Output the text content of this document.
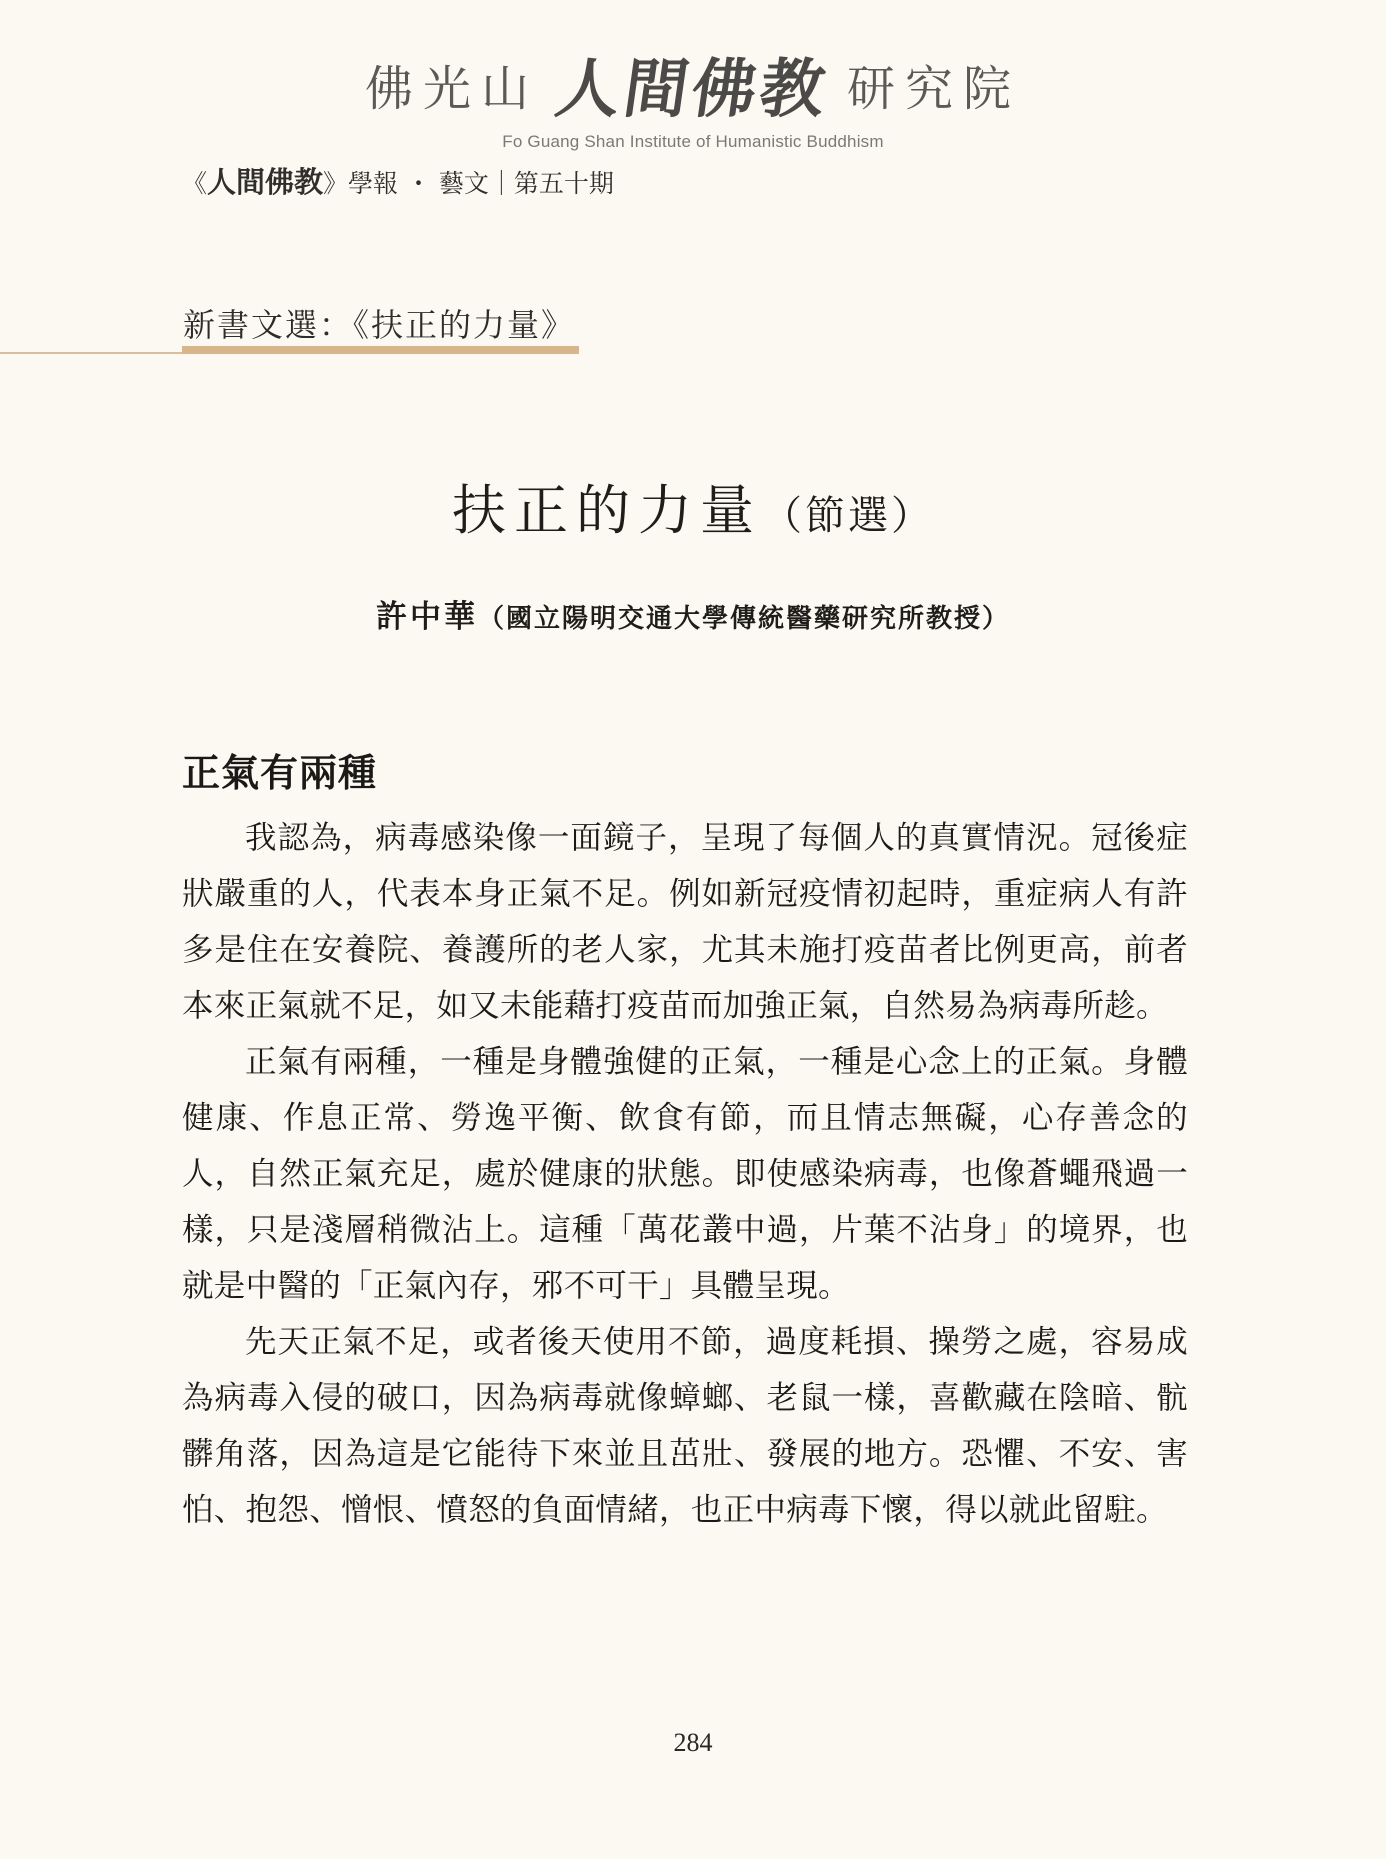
佛光山 人間佛教 研究院
Fo Guang Shan Institute of Humanistic Buddhism
《人間佛教》學報 ・ 藝文｜第五十期
新書文選：《扶正的力量》
扶正的力量（節選）
許中華（國立陽明交通大學傳統醫藥研究所教授）
正氣有兩種

我認為，病毒感染像一面鏡子，呈現了每個人的真實情況。冠後症狀嚴重的人，代表本身正氣不足。例如新冠疫情初起時，重症病人有許多是住在安養院、養護所的老人家，尤其未施打疫苗者比例更高，前者本來正氣就不足，如又未能藉打疫苗而加強正氣，自然易為病毒所趁。

正氣有兩種，一種是身體強健的正氣，一種是心念上的正氣。身體健康、作息正常、勞逸平衡、飲食有節，而且情志無礙，心存善念的人，自然正氣充足，處於健康的狀態。即使感染病毒，也像蒼蠅飛過一樣，只是淺層稍微沾上。這種「萬花叢中過，片葉不沾身」的境界，也就是中醫的「正氣內存，邪不可干」具體呈現。

先天正氣不足，或者後天使用不節，過度耗損、操勞之處，容易成為病毒入侵的破口，因為病毒就像蟑螂、老鼠一樣，喜歡藏在陰暗、骯髒角落，因為這是它能待下來並且茁壯、發展的地方。恐懼、不安、害怕、抱怨、憎恨、憤怒的負面情緒，也正中病毒下懷，得以就此留駐。

284
